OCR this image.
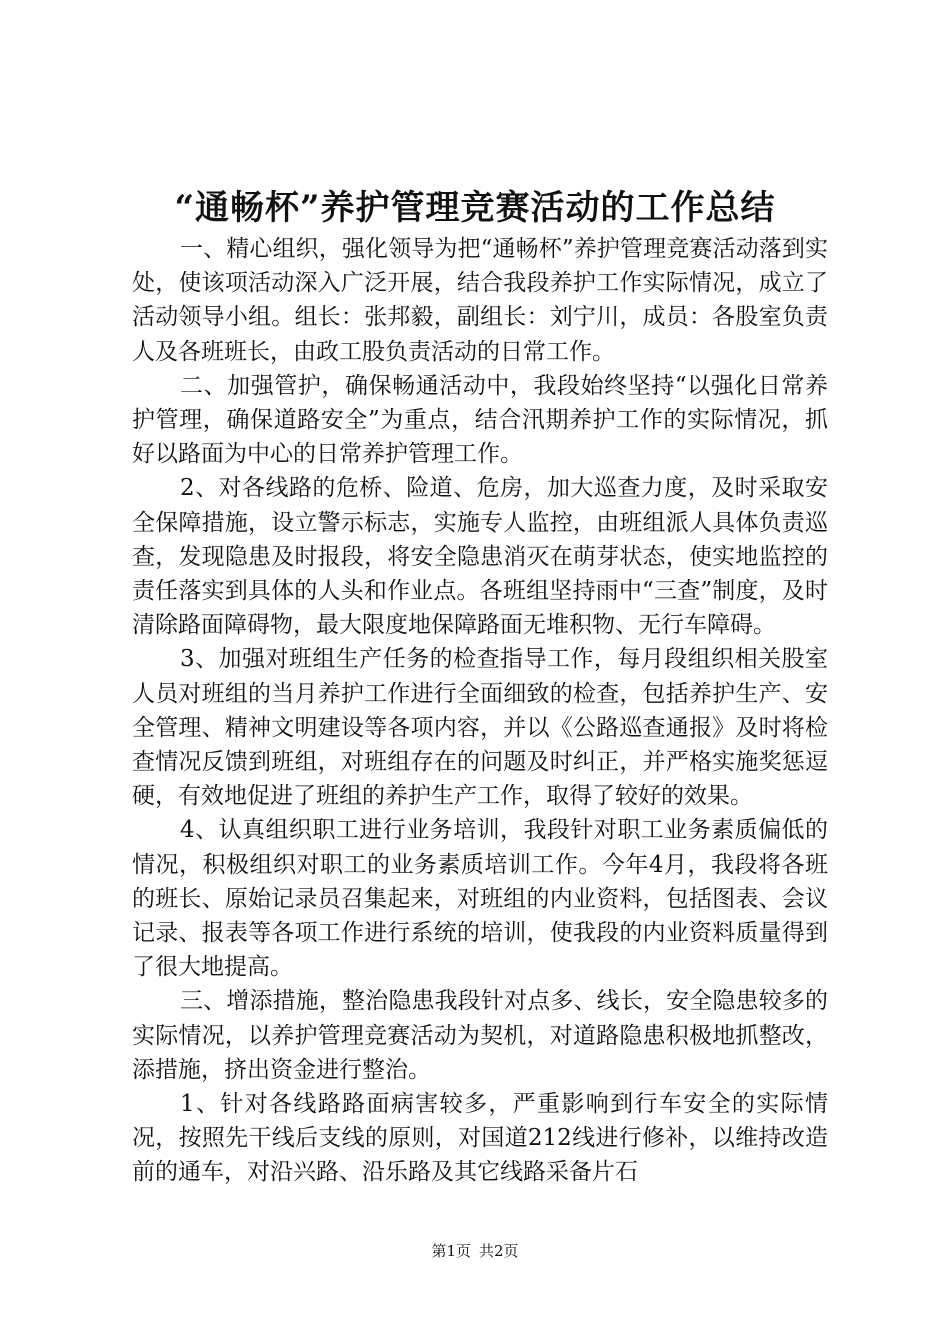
“通畅杯”养护管理竞赛活动的工作总结

一、精心组织，强化领导为把“通畅杯”养护管理竞赛活动落到实处，使该项活动深入广泛开展，结合我段养护工作实际情况，成立了活动领导小组。组长：张邦毅，副组长：刘宁川，成员：各股室负责人及各班班长，由政工股负责活动的日常工作。

二、加强管护，确保畅通活动中，我段始终坚持“以强化日常养护管理，确保道路安全”为重点，结合汛期养护工作的实际情况，抓好以路面为中心的日常养护管理工作。

2、对各线路的危桥、险道、危房，加大巡查力度，及时采取安全保障措施，设立警示标志，实施专人监控，由班组派人具体负责巡查，发现隐患及时报段，将安全隐患消灭在萌芽状态，使实地监控的责任落实到具体的人头和作业点。各班组坚持雨中“三查”制度，及时清除路面障碍物，最大限度地保障路面无堆积物、无行车障碍。

3、加强对班组生产任务的检查指导工作，每月段组织相关股室人员对班组的当月养护工作进行全面细致的检查，包括养护生产、安全管理、精神文明建设等各项内容，并以《公路巡查通报》及时将检查情况反馈到班组，对班组存在的问题及时纠正，并严格实施奖惩逗硬，有效地促进了班组的养护生产工作，取得了较好的效果。

4、认真组织职工进行业务培训，我段针对职工业务素质偏低的情况，积极组织对职工的业务素质培训工作。今年4月，我段将各班的班长、原始记录员召集起来，对班组的内业资料，包括图表、会议记录、报表等各项工作进行系统的培训，使我段的内业资料质量得到了很大地提高。

三、增添措施，整治隐患我段针对点多、线长，安全隐患较多的实际情况，以养护管理竞赛活动为契机，对道路隐患积极地抓整改，添措施，挤出资金进行整治。

1、针对各线路路面病害较多，严重影响到行车安全的实际情况，按照先干线后支线的原则，对国道212线进行修补，以维持改造前的通车，对沿兴路、沿乐路及其它线路采备片石

第1页 共2页
